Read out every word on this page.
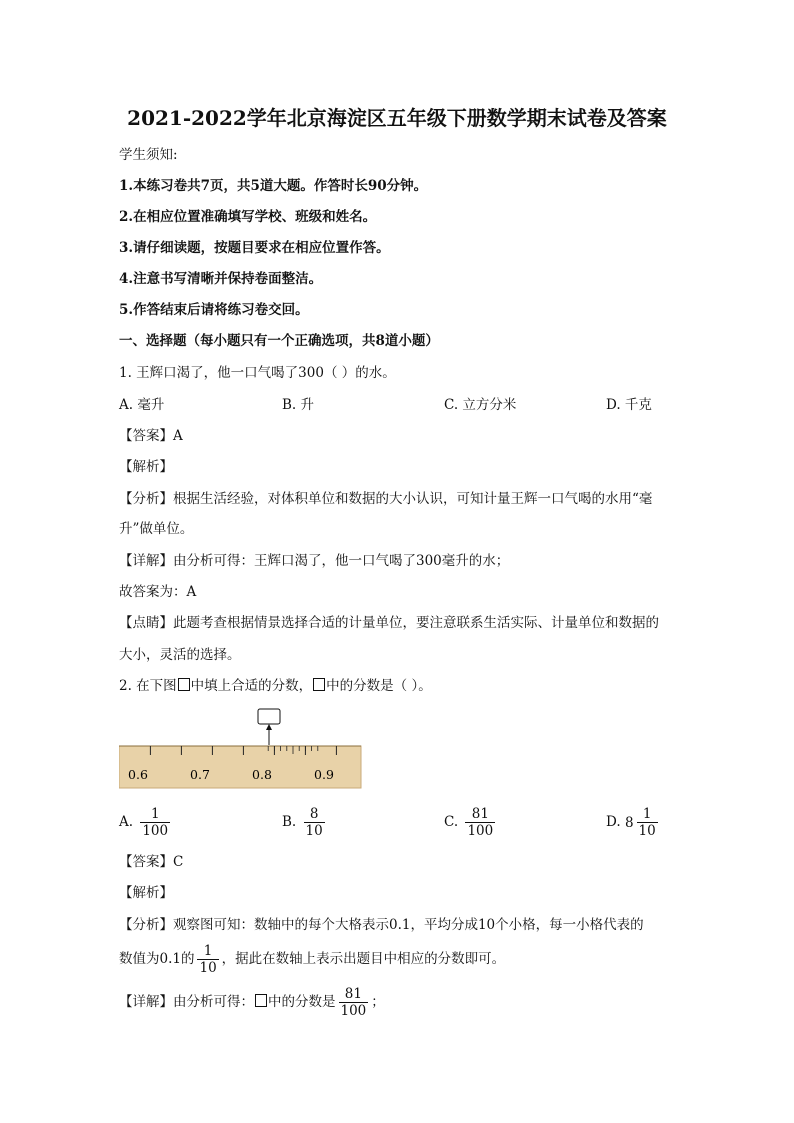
2021-2022学年北京海淀区五年级下册数学期末试卷及答案
学生须知:
1.本练习卷共7页，共5道大题。作答时长90分钟。
2.在相应位置准确填写学校、班级和姓名。
3.请仔细读题，按题目要求在相应位置作答。
4.注意书写清晰并保持卷面整洁。
5.作答结束后请将练习卷交回。
一、选择题（每小题只有一个正确选项，共8道小题）
1. 王辉口渴了，他一口气喝了300（ ）的水。
A. 毫升	B. 升	C. 立方分米	D. 千克
【答案】A
【解析】
【分析】根据生活经验，对体积单位和数据的大小认识，可知计量王辉一口气喝的水用“毫
升”做单位。
【详解】由分析可得：王辉口渴了，他一口气喝了300毫升的水；
故答案为：A
【点睛】此题考查根据情景选择合适的计量单位，要注意联系生活实际、计量单位和数据的
大小，灵活的选择。
2. 在下图 中填上合适的分数， 中的分数是（ ）。
0.6	0.7	0.8	0.9
A. $\frac{1}{100}$	B. $\frac{8}{10}$	C. $\frac{81}{100}$	D. $8 \frac{1}{10}$
【答案】C
【解析】
【分析】观察图可知：数轴中的每个大格表示0.1，平均分成10个小格，每一小格代表的
数值为0.1的 $\frac{1}{10}$ ，据此在数轴上表示出题目中相应的分数即可。
【详解】由分析可得： 中的分数是 $\frac{81}{100}$ ；
